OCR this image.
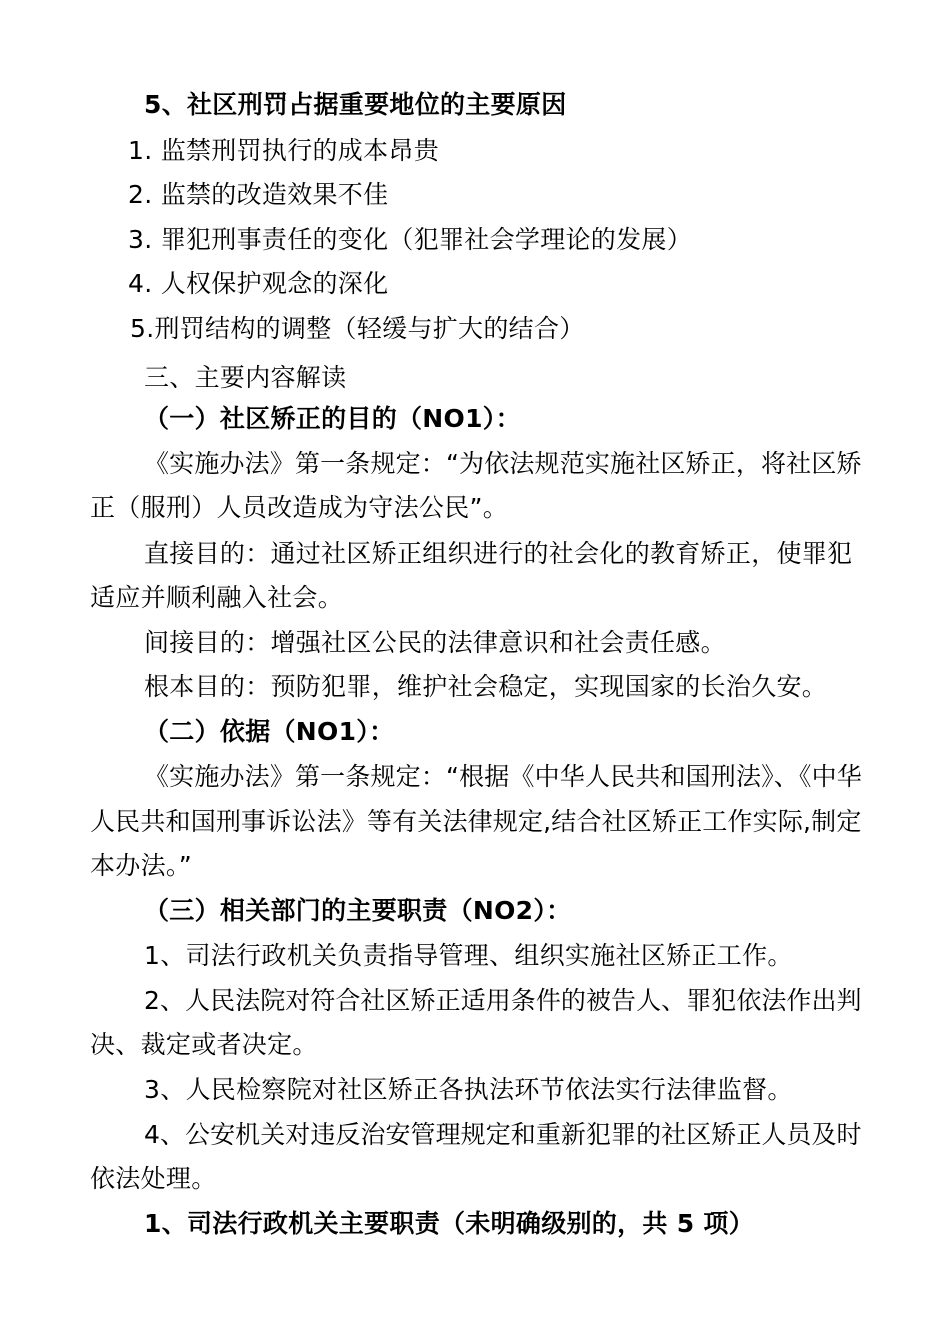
5、社区刑罚占据重要地位的主要原因
1. 监禁刑罚执行的成本昂贵
2. 监禁的改造效果不佳
3. 罪犯刑事责任的变化（犯罪社会学理论的发展）
4. 人权保护观念的深化
5.刑罚结构的调整（轻缓与扩大的结合）
三、主要内容解读
（一）社区矫正的目的（NO1）：
《实施办法》第一条规定：“为依法规范实施社区矫正，将社区矫
正（服刑）人员改造成为守法公民”。
直接目的：通过社区矫正组织进行的社会化的教育矫正，使罪犯
适应并顺利融入社会。
间接目的：增强社区公民的法律意识和社会责任感。
根本目的：预防犯罪，维护社会稳定，实现国家的长治久安。
（二）依据（NO1）：
《实施办法》第一条规定：“根据《中华人民共和国刑法》、《中华
人民共和国刑事诉讼法》等有关法律规定,结合社区矫正工作实际,制定
本办法。”
（三）相关部门的主要职责（NO2）：
1、司法行政机关负责指导管理、组织实施社区矫正工作。
2、人民法院对符合社区矫正适用条件的被告人、罪犯依法作出判
决、裁定或者决定。
3、人民检察院对社区矫正各执法环节依法实行法律监督。
4、公安机关对违反治安管理规定和重新犯罪的社区矫正人员及时
依法处理。
1、司法行政机关主要职责（未明确级别的，共 5 项）
